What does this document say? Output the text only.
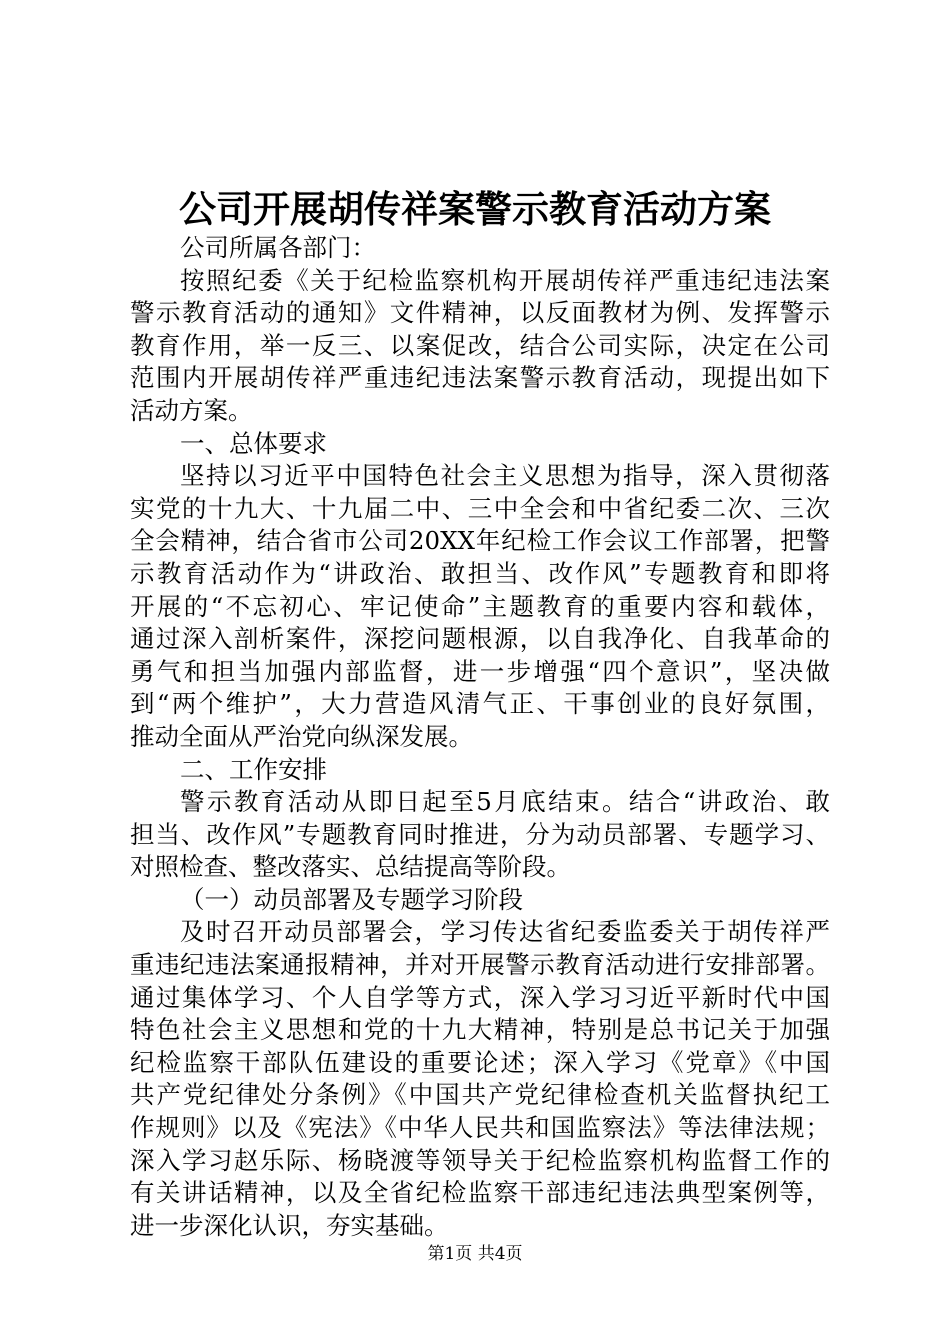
公司开展胡传祥案警示教育活动方案
公司所属各部门：
按照纪委《关于纪检监察机构开展胡传祥严重违纪违法案
警示教育活动的通知》文件精神，以反面教材为例、发挥警示
教育作用，举一反三、以案促改，结合公司实际，决定在公司
范围内开展胡传祥严重违纪违法案警示教育活动，现提出如下
活动方案。
一、总体要求
坚持以习近平中国特色社会主义思想为指导，深入贯彻落
实党的十九大、十九届二中、三中全会和中省纪委二次、三次
全会精神，结合省市公司20XX年纪检工作会议工作部署，把警
示教育活动作为“讲政治、敢担当、改作风”专题教育和即将
开展的“不忘初心、牢记使命”主题教育的重要内容和载体，
通过深入剖析案件，深挖问题根源，以自我净化、自我革命的
勇气和担当加强内部监督，进一步增强“四个意识”，坚决做
到“两个维护”，大力营造风清气正、干事创业的良好氛围，
推动全面从严治党向纵深发展。
二、工作安排
警示教育活动从即日起至5月底结束。结合“讲政治、敢
担当、改作风”专题教育同时推进，分为动员部署、专题学习、
对照检查、整改落实、总结提高等阶段。
（一）动员部署及专题学习阶段
及时召开动员部署会，学习传达省纪委监委关于胡传祥严
重违纪违法案通报精神，并对开展警示教育活动进行安排部署。
通过集体学习、个人自学等方式，深入学习习近平新时代中国
特色社会主义思想和党的十九大精神，特别是总书记关于加强
纪检监察干部队伍建设的重要论述；深入学习《党章》《中国
共产党纪律处分条例》《中国共产党纪律检查机关监督执纪工
作规则》以及《宪法》《中华人民共和国监察法》等法律法规；
深入学习赵乐际、杨晓渡等领导关于纪检监察机构监督工作的
有关讲话精神，以及全省纪检监察干部违纪违法典型案例等，
进一步深化认识，夯实基础。
第1页 共4页
